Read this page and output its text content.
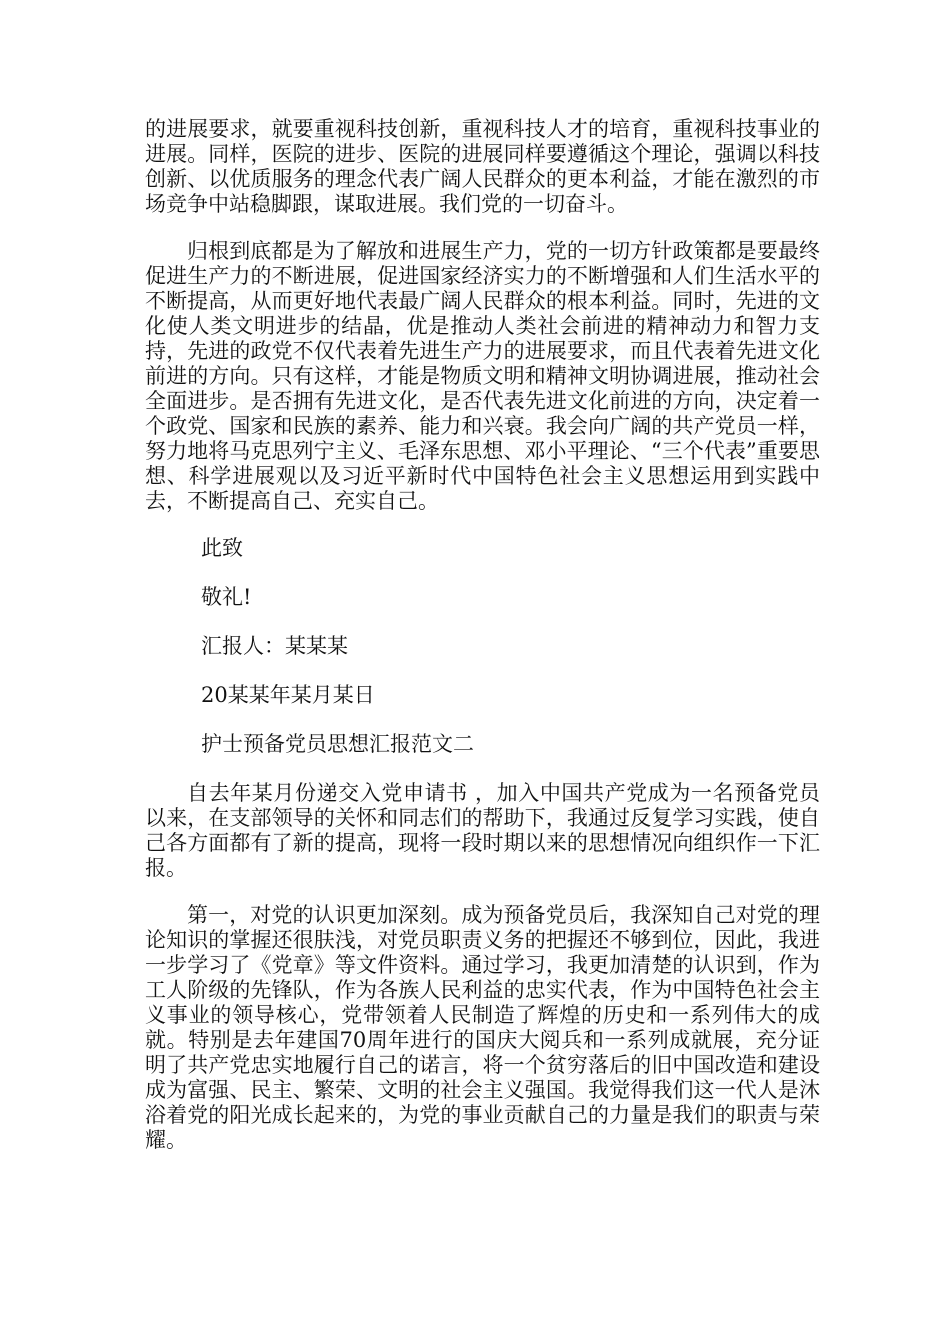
的进展要求，就要重视科技创新，重视科技人才的培育，重视科技事业的进展。同样，医院的进步、医院的进展同样要遵循这个理论，强调以科技创新、以优质服务的理念代表广阔人民群众的更本利益，才能在激烈的市场竞争中站稳脚跟，谋取进展。我们党的一切奋斗。

归根到底都是为了解放和进展生产力，党的一切方针政策都是要最终促进生产力的不断进展，促进国家经济实力的不断增强和人们生活水平的不断提高，从而更好地代表最广阔人民群众的根本利益。同时，先进的文化使人类文明进步的结晶，优是推动人类社会前进的精神动力和智力支持，先进的政党不仅代表着先进生产力的进展要求，而且代表着先进文化前进的方向。只有这样，才能是物质文明和精神文明协调进展，推动社会全面进步。是否拥有先进文化，是否代表先进文化前进的方向，决定着一个政党、国家和民族的素养、能力和兴衰。我会向广阔的共产党员一样，努力地将马克思列宁主义、毛泽东思想、邓小平理论、“三个代表”重要思想、科学进展观以及习近平新时代中国特色社会主义思想运用到实践中去，不断提高自己、充实自己。

此致

敬礼!

汇报人：某某某

20某某年某月某日

护士预备党员思想汇报范文二

自去年某月份递交入党申请书 ，加入中国共产党成为一名预备党员以来，在支部领导的关怀和同志们的帮助下，我通过反复学习实践，使自己各方面都有了新的提高，现将一段时期以来的思想情况向组织作一下汇报。

第一，对党的认识更加深刻。成为预备党员后，我深知自己对党的理论知识的掌握还很肤浅，对党员职责义务的把握还不够到位，因此，我进一步学习了《党章》等文件资料。通过学习，我更加清楚的认识到，作为工人阶级的先锋队，作为各族人民利益的忠实代表，作为中国特色社会主义事业的领导核心，党带领着人民制造了辉煌的历史和一系列伟大的成就。特别是去年建国70周年进行的国庆大阅兵和一系列成就展，充分证明了共产党忠实地履行自己的诺言，将一个贫穷落后的旧中国改造和建设成为富强、民主、繁荣、文明的社会主义强国。我觉得我们这一代人是沐浴着党的阳光成长起来的，为党的事业贡献自己的力量是我们的职责与荣耀。
